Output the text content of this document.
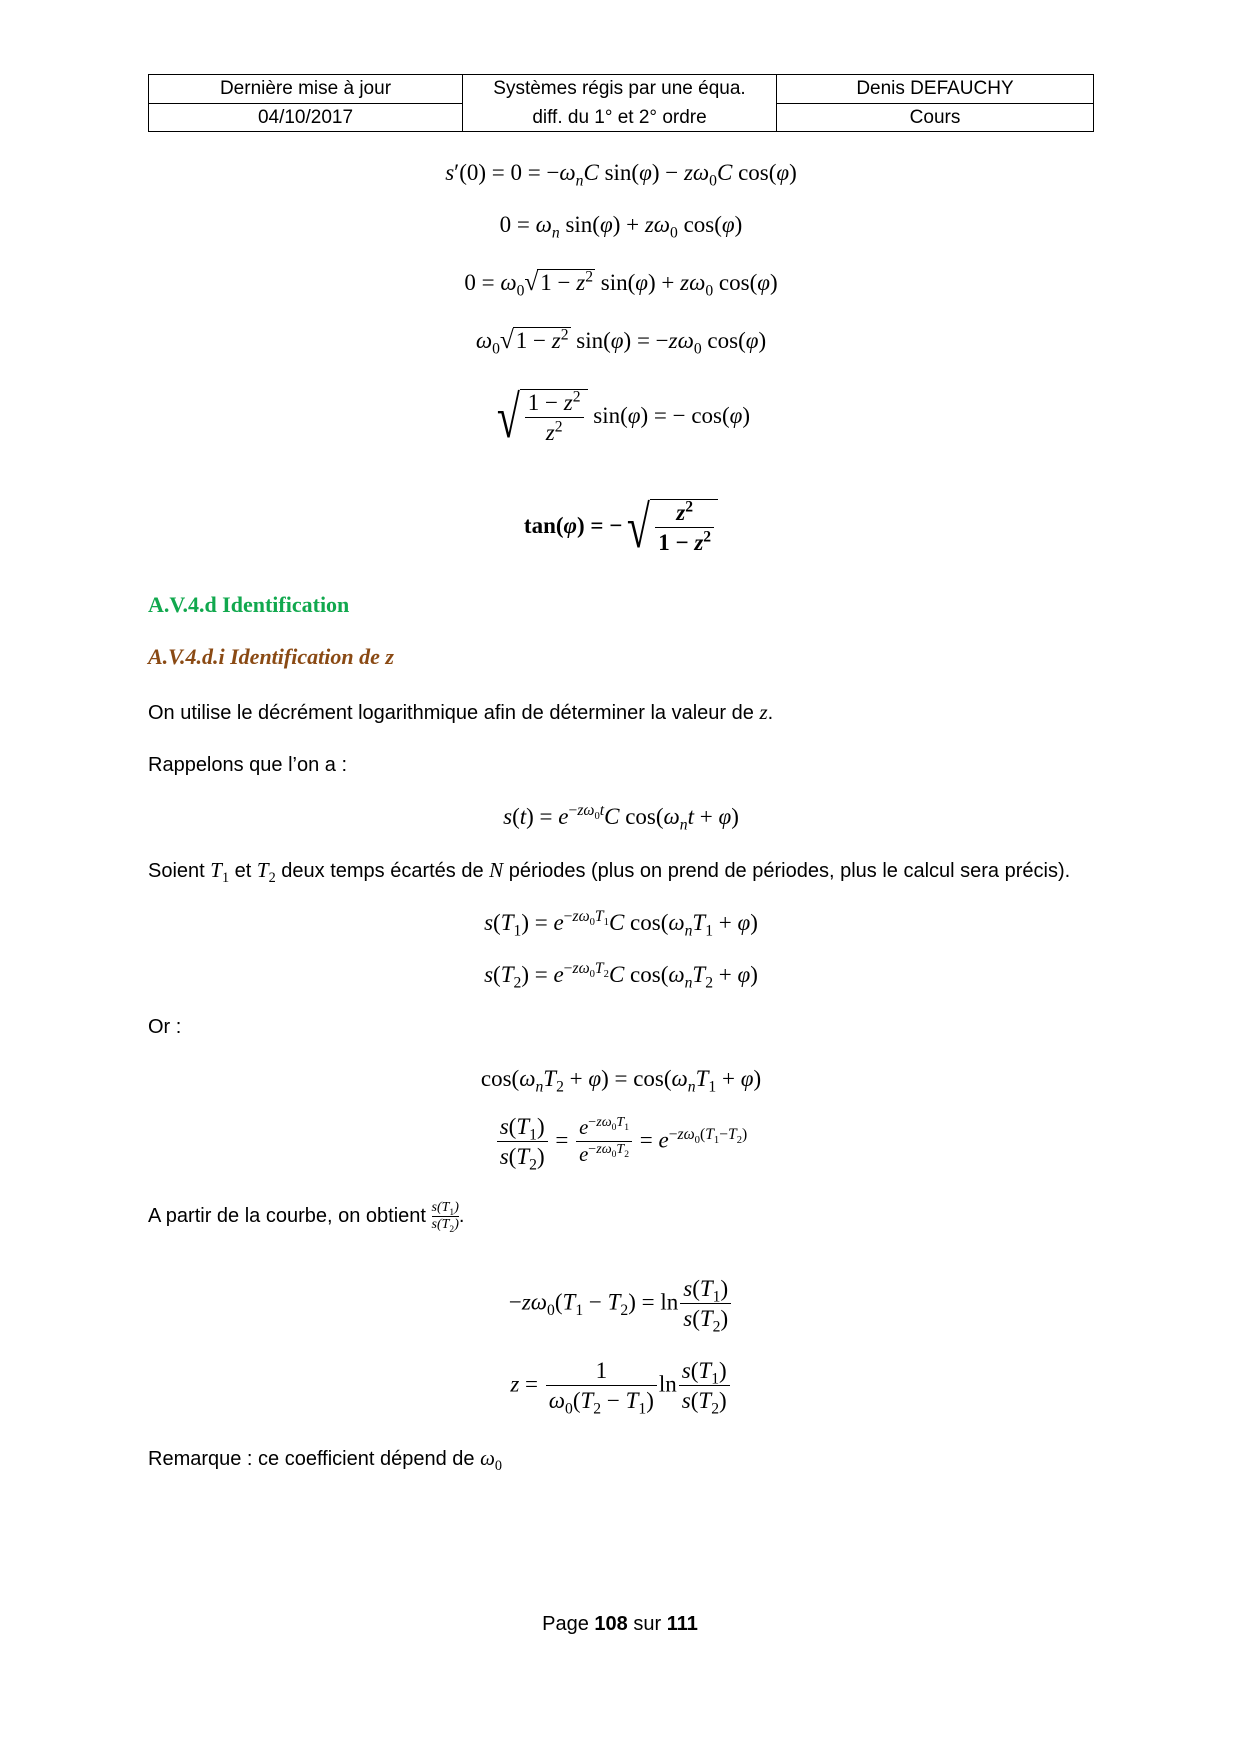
Dernière mise à jour
04/10/2017
Systèmes régis par une équa.
diff. du 1° et 2° ordre
Denis DEFAUCHY
Cours
$s'(0) = 0 = -\omega_nC$ $\sin(\varphi) - z\omega_0C$ cos(φ)
$0 = \omega_n$ $\sin(\varphi) + z\omega_0$ cos(φ)
$0 = \omega_0√1 - z^2$ $\sin(\varphi) + z\omega_0$ cos(φ)
$\omega_0√1 - z^2$ $\sin(\varphi) = -z\omega_0$ cos(φ)
√ $\frac{1 - z^2}{z^2} \sin(\varphi)$ = − cos(φ)
tan(φ) = −√ $\frac{z^2}{1 - z^2}$
A.V.4.d Identification
A.V.4.d.i Identification de z
On utilise le décrément logarithmique afin de déterminer la valeur de z.
Rappelons que l’on a :
$s(t) = e^{-z\omega_0t}C$ $\cos(\omega_nt + \varphi)$
Soient $T_1$ et $T_2$ deux temps écartés de N périodes (plus on prend de périodes, plus le calcul sera précis).
$s(T_1) = e^{-z\omega_0T_1}C$ $\cos(\omega_nT_1 + \varphi)$
$s(T_2) = e^{-z\omega_0T_2}C$ $\cos(\omega_nT_2 + \varphi)$
Or :
$\cos(\omega_nT_2 + \varphi) = \cos(\omega_nT_1 + \varphi)$
$\frac{s(T_1)}{s(T_2)} = \frac{e^{-z\omega_0T_1}}{e^{-z\omega_0T_2}} = e^{-z\omega_0(T_1-T_2)}$
A partir de la courbe, on obtient $\frac{s(T_1)}{s(T_2)}$ .
$-z\omega_0(T_1 - T_2) = \ln \frac{s(T_1)}{s(T_2)}$
$z = \frac{1}{\omega_0(T_2 - T_1)}$ $\ln \frac{s(T_1)}{s(T_2)}$
Remarque : ce coefficient dépend de $\omega_0$
Page 108 sur 111
